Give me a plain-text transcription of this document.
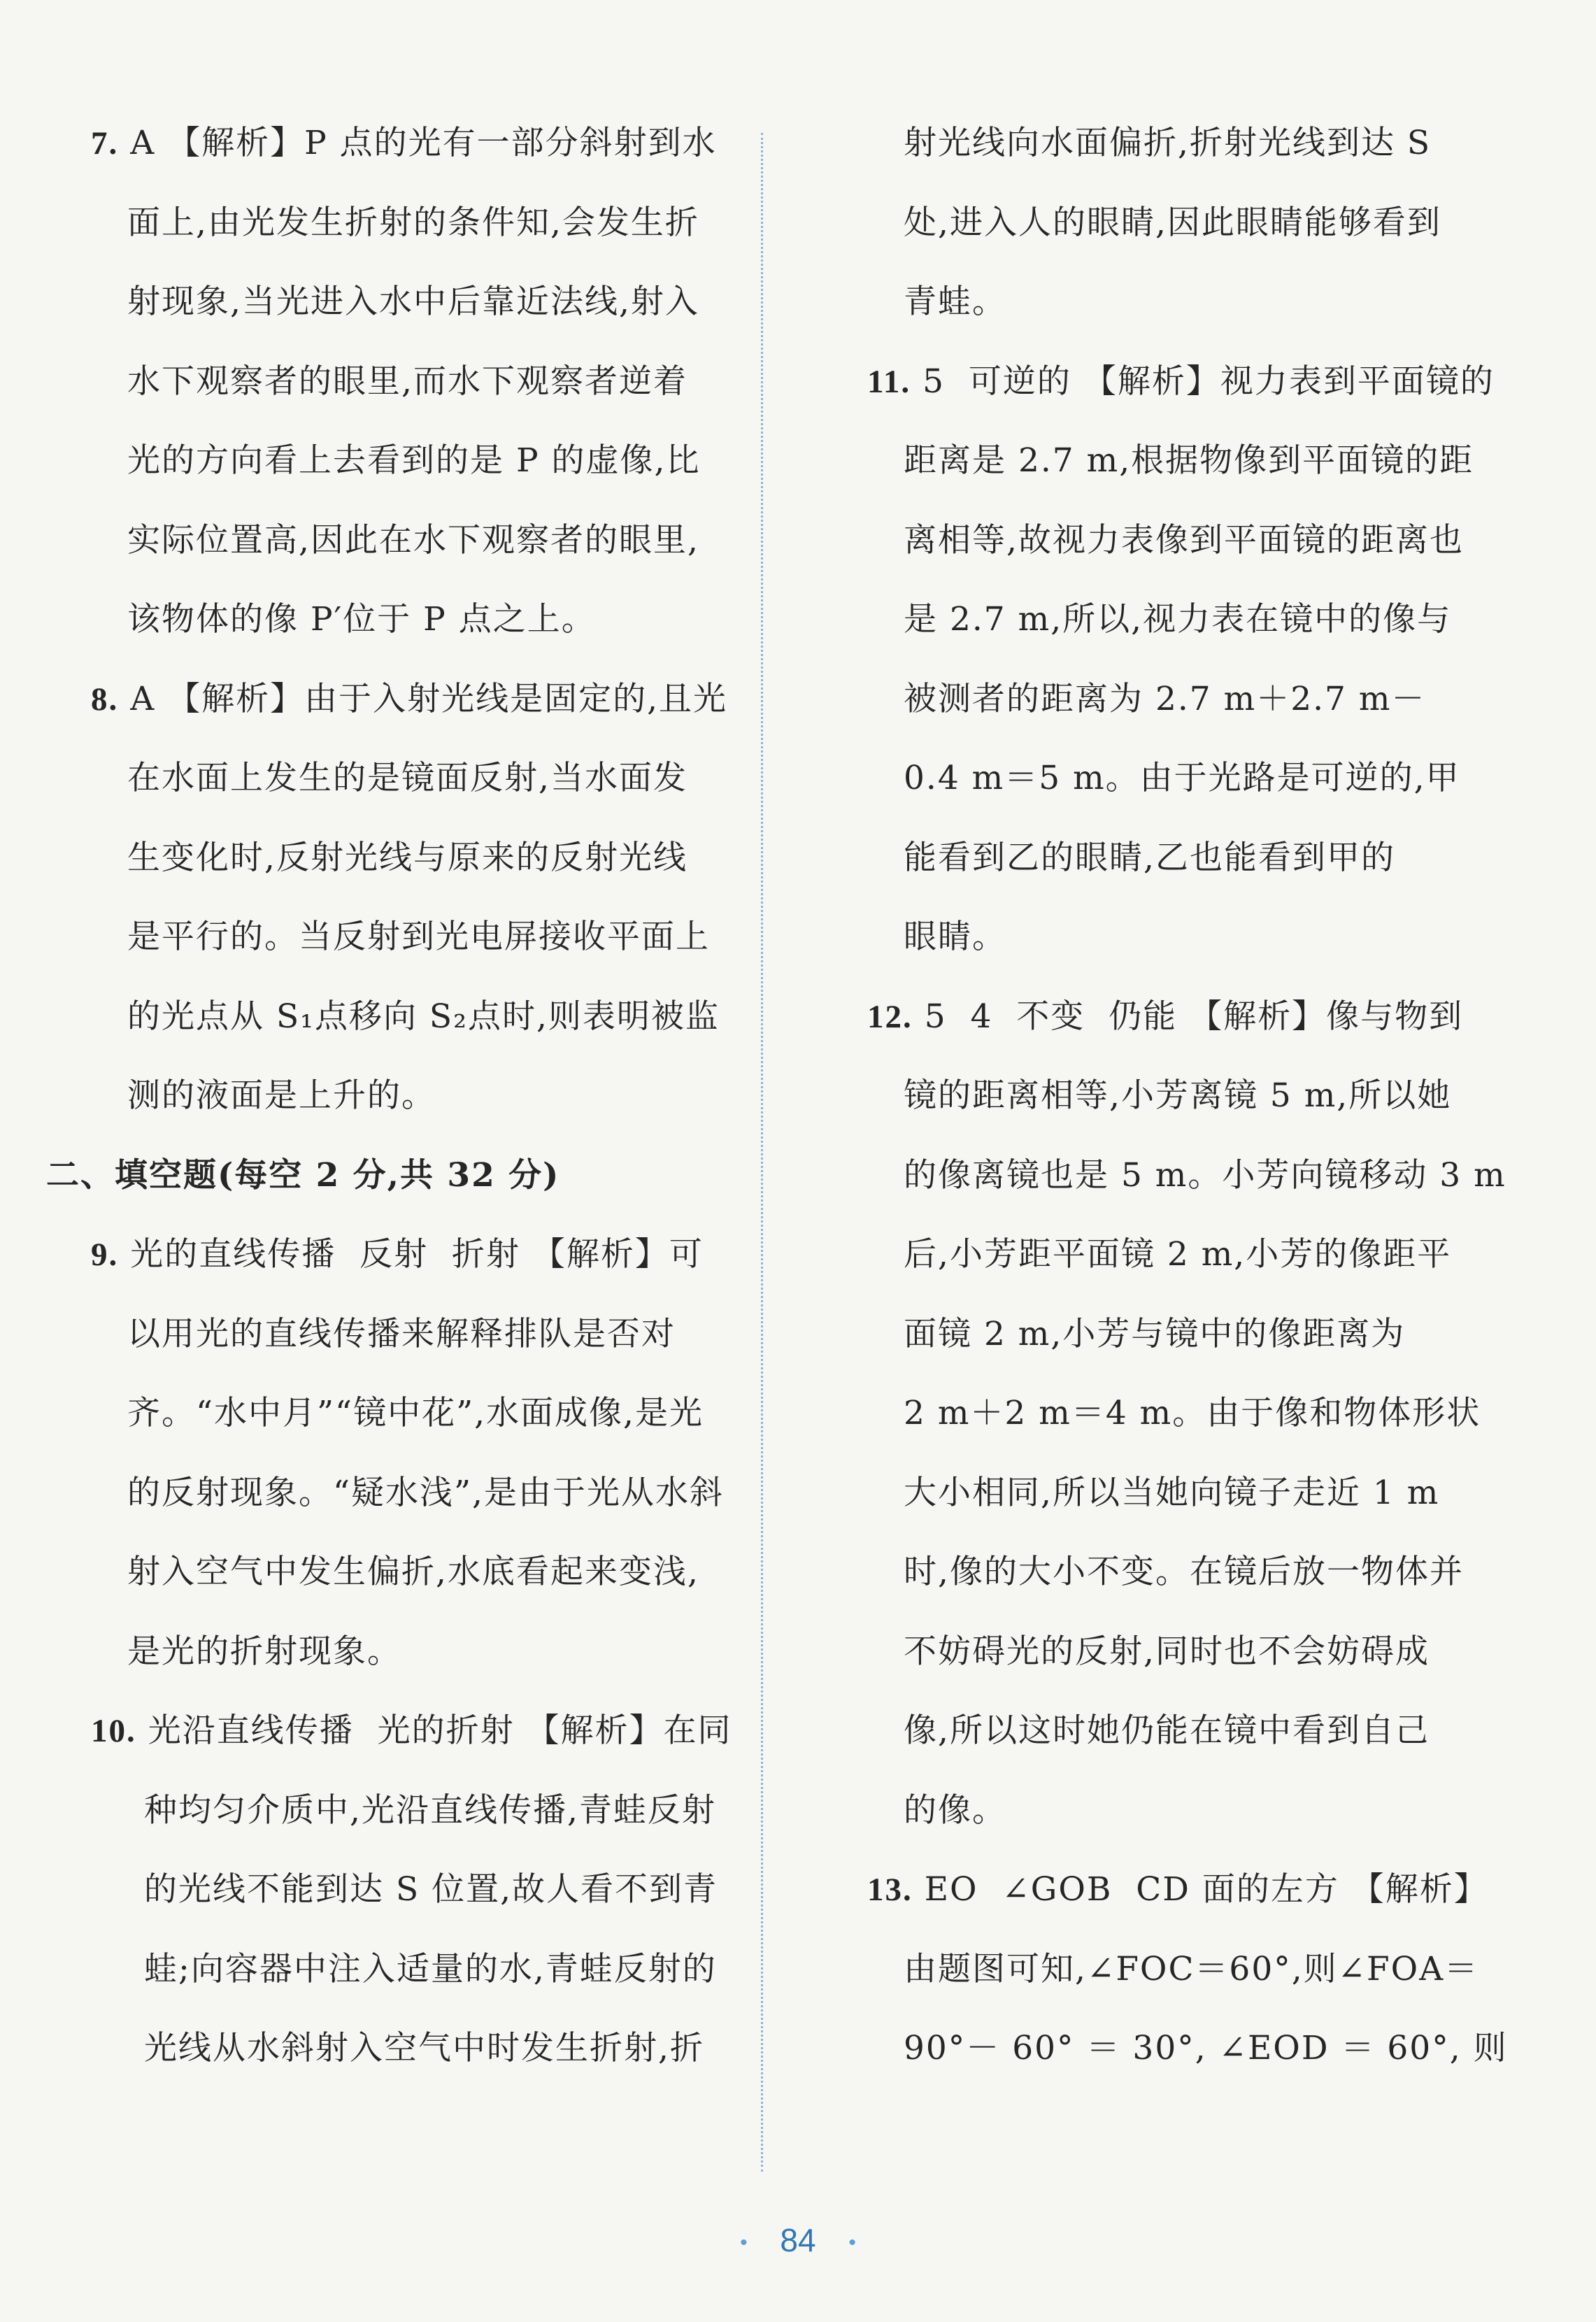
7. A 【解析】P 点的光有一部分斜射到水
面上,由光发生折射的条件知,会发生折
射现象,当光进入水中后靠近法线,射入
水下观察者的眼里,而水下观察者逆着
光的方向看上去看到的是 P 的虚像,比
实际位置高,因此在水下观察者的眼里,
该物体的像 P′位于 P 点之上。
8. A 【解析】由于入射光线是固定的,且光
在水面上发生的是镜面反射,当水面发
生变化时,反射光线与原来的反射光线
是平行的。当反射到光电屏接收平面上
的光点从 S₁点移向 S₂点时,则表明被监
测的液面是上升的。
二、填空题(每空 2 分,共 32 分)
9. 光的直线传播  反射  折射 【解析】可
以用光的直线传播来解释排队是否对
齐。“水中月”“镜中花”,水面成像,是光
的反射现象。“疑水浅”,是由于光从水斜
射入空气中发生偏折,水底看起来变浅,
是光的折射现象。
10. 光沿直线传播  光的折射 【解析】在同
种均匀介质中,光沿直线传播,青蛙反射
的光线不能到达 S 位置,故人看不到青
蛙;向容器中注入适量的水,青蛙反射的
光线从水斜射入空气中时发生折射,折
射光线向水面偏折,折射光线到达 S
处,进入人的眼睛,因此眼睛能够看到
青蛙。
11. 5  可逆的 【解析】视力表到平面镜的
距离是 2.7 m,根据物像到平面镜的距
离相等,故视力表像到平面镜的距离也
是 2.7 m,所以,视力表在镜中的像与
被测者的距离为 2.7 m＋2.7 m－
0.4 m＝5 m。由于光路是可逆的,甲
能看到乙的眼睛,乙也能看到甲的
眼睛。
12. 5  4  不变  仍能 【解析】像与物到
镜的距离相等,小芳离镜 5 m,所以她
的像离镜也是 5 m。小芳向镜移动 3 m
后,小芳距平面镜 2 m,小芳的像距平
面镜 2 m,小芳与镜中的像距离为
2 m＋2 m＝4 m。由于像和物体形状
大小相同,所以当她向镜子走近 1 m
时,像的大小不变。在镜后放一物体并
不妨碍光的反射,同时也不会妨碍成
像,所以这时她仍能在镜中看到自己
的像。
13. EO  ∠GOB  CD 面的左方 【解析】
由题图可知,∠FOC＝60°,则∠FOA＝
90°－ 60° ＝ 30°, ∠EOD ＝ 60°, 则
• 84 •
